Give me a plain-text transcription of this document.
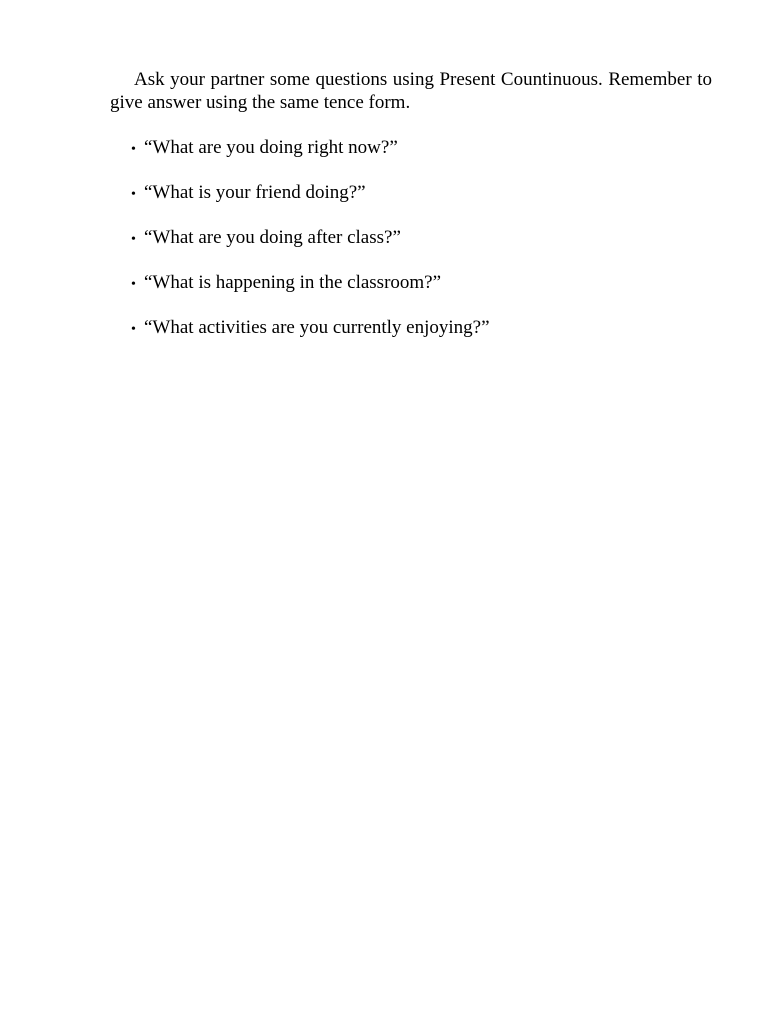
Ask your partner some questions using Present Countinuous. Remember to give answer using the same tence form.

• “What are you doing right now?”
• “What is your friend doing?”
• “What are you doing after class?”
• “What is happening in the classroom?”
• “What activities are you currently enjoying?”
